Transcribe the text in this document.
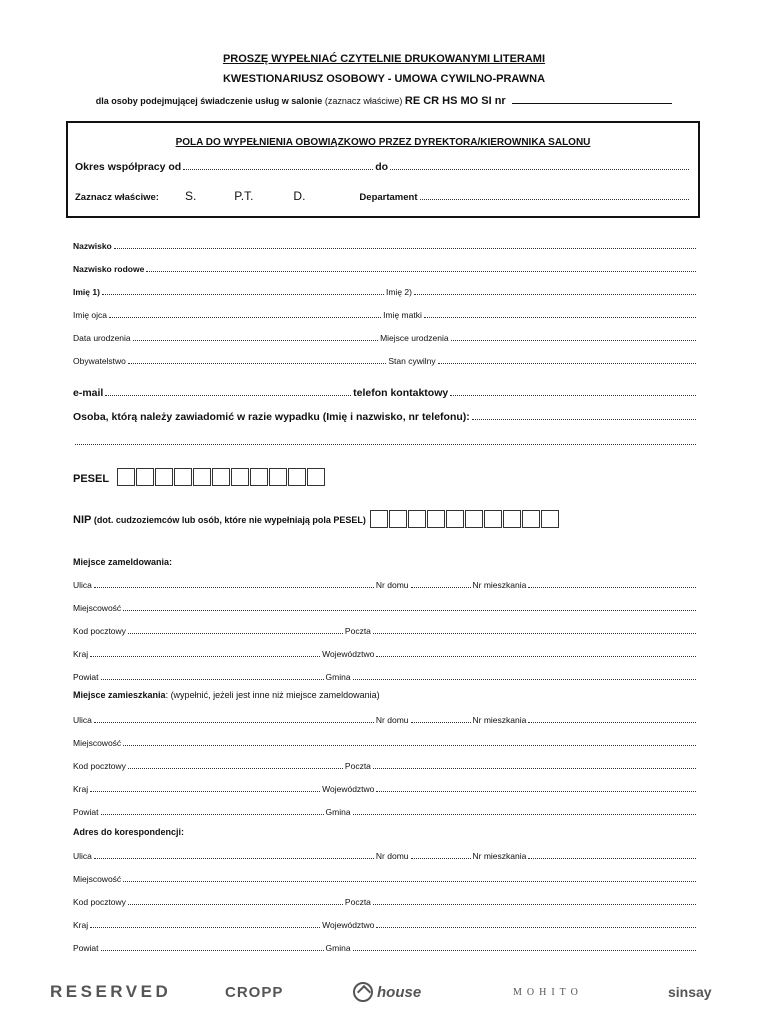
PROSZĘ WYPEŁNIAĆ CZYTELNIE DRUKOWANYMI LITERAMI
KWESTIONARIUSZ OSOBOWY - UMOWA CYWILNO-PRAWNA
dla osoby podejmującej świadczenie usług w salonie (zaznacz właściwe) RE CR HS MO SI nr
POLA DO WYPEŁNIENIA OBOWIĄZKOWO PRZEZ DYREKTORA/KIEROWNIKA SALONU
Okres współpracy od	do
Zaznacz właściwe: S.	P.T.	D.	Departament
Nazwisko
Nazwisko rodowe
Imię 1)	Imię 2)
Imię ojca	Imię matki
Data urodzenia	Miejsce urodzenia
Obywatelstwo	Stan cywilny
e-mail	telefon kontaktowy
Osoba, którą należy zawiadomić w razie wypadku (Imię i nazwisko, nr telefonu):
PESEL
NIP (dot. cudzoziemców lub osób, które nie wypełniają pola PESEL)
Miejsce zameldowania:
Ulica	Nr domu	Nr mieszkania
Miejscowość
Kod pocztowy	Poczta
Kraj	Województwo
Powiat	Gmina
Miejsce zamieszkania: (wypełnić, jeżeli jest inne niż miejsce zameldowania)
Ulica	Nr domu	Nr mieszkania
Miejscowość
Kod pocztowy	Poczta
Kraj	Województwo
Powiat	Gmina
Adres do korespondencji:
Ulica	Nr domu	Nr mieszkania
Miejscowość
Kod pocztowy	Poczta
Kraj	Województwo
Powiat	Gmina
RESERVED	CROPP	house	MOHITO	sinsay
